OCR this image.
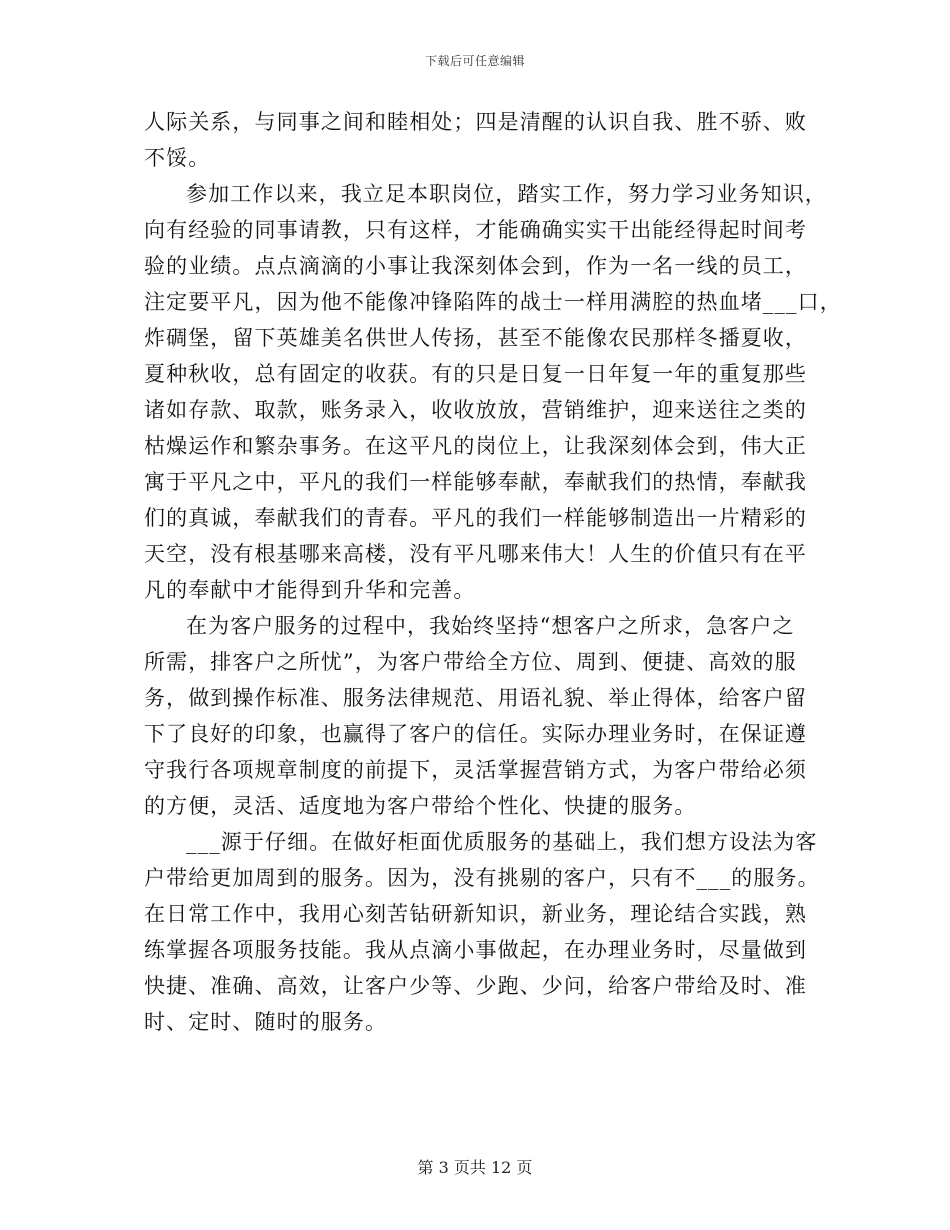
下载后可任意编辑
人际关系，与同事之间和睦相处；四是清醒的认识自我、胜不骄、败
不馁。
参加工作以来，我立足本职岗位，踏实工作，努力学习业务知识，
向有经验的同事请教，只有这样，才能确确实实干出能经得起时间考
验的业绩。点点滴滴的小事让我深刻体会到，作为一名一线的员工，
注定要平凡，因为他不能像冲锋陷阵的战士一样用满腔的热血堵___口，
炸碉堡，留下英雄美名供世人传扬，甚至不能像农民那样冬播夏收，
夏种秋收，总有固定的收获。有的只是日复一日年复一年的重复那些
诸如存款、取款，账务录入，收收放放，营销维护，迎来送往之类的
枯燥运作和繁杂事务。在这平凡的岗位上，让我深刻体会到，伟大正
寓于平凡之中，平凡的我们一样能够奉献，奉献我们的热情，奉献我
们的真诚，奉献我们的青春。平凡的我们一样能够制造出一片精彩的
天空，没有根基哪来高楼，没有平凡哪来伟大！人生的价值只有在平
凡的奉献中才能得到升华和完善。
在为客户服务的过程中，我始终坚持“想客户之所求，急客户之
所需，排客户之所忧”，为客户带给全方位、周到、便捷、高效的服
务，做到操作标准、服务法律规范、用语礼貌、举止得体，给客户留
下了良好的印象，也赢得了客户的信任。实际办理业务时，在保证遵
守我行各项规章制度的前提下，灵活掌握营销方式，为客户带给必须
的方便，灵活、适度地为客户带给个性化、快捷的服务。
___源于仔细。在做好柜面优质服务的基础上，我们想方设法为客
户带给更加周到的服务。因为，没有挑剔的客户，只有不___的服务。
在日常工作中，我用心刻苦钻研新知识，新业务，理论结合实践，熟
练掌握各项服务技能。我从点滴小事做起，在办理业务时，尽量做到
快捷、准确、高效，让客户少等、少跑、少问，给客户带给及时、准
时、定时、随时的服务。
第 3 页共 12 页
